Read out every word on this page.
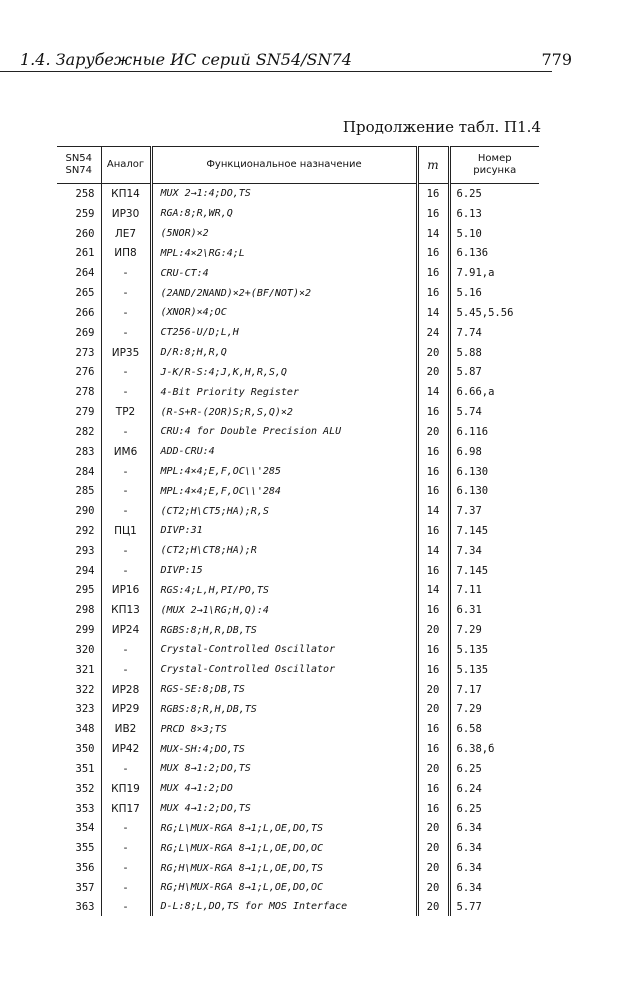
1.4. Зарубежные ИС серий SN54/SN74	779
Продолжение табл. П1.4
SN54
SN74	Аналог	Функциональное назначение	m	Номер
рисунка
258	КП14	MUX 2→1:4;DO,TS	16	6.25
259	ИР30	RGA:8;R,WR,Q	16	6.13
260	ЛЕ7	(5NOR)×2	14	5.10
261	ИП8	MPL:4×2\RG:4;L	16	6.136
264	-	CRU-CT:4	16	7.91,a
265	-	(2AND/2NAND)×2+(BF/NOT)×2	16	5.16
266	-	(XNOR)×4;OC	14	5.45,5.56
269	-	CT256-U/D;L,H	24	7.74
273	ИР35	D/R:8;H,R,Q	20	5.88
276	-	J-K/R-S:4;J,K,H,R,S,Q	20	5.87
278	-	4-Bit Priority Register	14	6.66,a
279	ТР2	(R-S+R-(2OR)S;R,S,Q)×2	16	5.74
282	-	CRU:4 for Double Precision ALU	20	6.116
283	ИМ6	ADD-CRU:4	16	6.98
284	-	MPL:4×4;E,F,OC\\'285	16	6.130
285	-	MPL:4×4;E,F,OC\\'284	16	6.130
290	-	(CT2;H\CT5;HA);R,S	14	7.37
292	ПЦ1	DIVP:31	16	7.145
293	-	(CT2;H\CT8;HA);R	14	7.34
294	-	DIVP:15	16	7.145
295	ИР16	RGS:4;L,H,PI/PO,TS	14	7.11
298	КП13	(MUX 2→1\RG;H,Q):4	16	6.31
299	ИР24	RGBS:8;H,R,DB,TS	20	7.29
320	-	Crystal-Controlled Oscillator	16	5.135
321	-	Crystal-Controlled Oscillator	16	5.135
322	ИР28	RGS-SE:8;DB,TS	20	7.17
323	ИР29	RGBS:8;R,H,DB,TS	20	7.29
348	ИВ2	PRCD 8×3;TS	16	6.58
350	ИР42	MUX-SH:4;DO,TS	16	6.38,б
351	-	MUX 8→1:2;DO,TS	20	6.25
352	КП19	MUX 4→1:2;DO	16	6.24
353	КП17	MUX 4→1:2;DO,TS	16	6.25
354	-	RG;L\MUX-RGA 8→1;L,OE,DO,TS	20	6.34
355	-	RG;L\MUX-RGA 8→1;L,OE,DO,OC	20	6.34
356	-	RG;H\MUX-RGA 8→1;L,OE,DO,TS	20	6.34
357	-	RG;H\MUX-RGA 8→1;L,OE,DO,OC	20	6.34
363	-	D-L:8;L,DO,TS for MOS Interface	20	5.77
